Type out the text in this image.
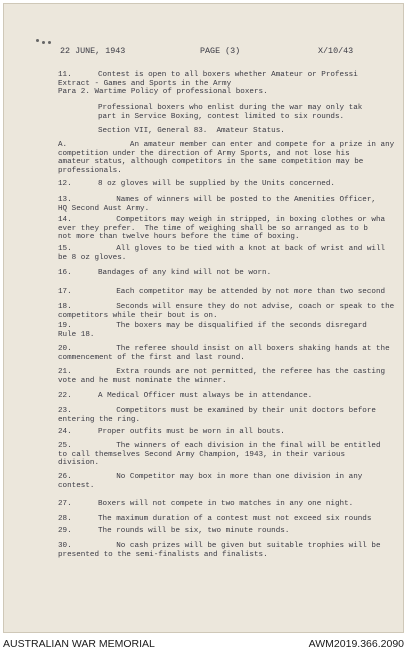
22 JUNE, 1943	PAGE (3)	X/10/43
11.	Contest is open to all boxers whether Amateur or Professi
Extract - Games and Sports in the Army
Para 2. Wartime Policy of professional boxers.
Professional boxers who enlist during the war may only tak
part in Service Boxing, contest limited to six rounds.
Section VII, General 83.  Amateur Status.
A.	An amateur member can enter and compete for a prize in any
competition under the direction of Army Sports, and not lose his
amateur status, although competitors in the same competition may be
professionals.
12.	8 oz gloves will be supplied by the Units concerned.
13.	Names of winners will be posted to the Amenities Officer,
HQ Second Aust Army.
14.	Competitors may weigh in stripped, in boxing clothes or wha
ever they prefer.  The time of weighing shall be so arranged as to b
not more than twelve hours before the time of boxing.
15.	All gloves to be tied with a knot at back of wrist and will
be 8 oz gloves.
16.	Bandages of any kind will not be worn.
17.	Each competitor may be attended by not more than two second
18.	Seconds will ensure they do not advise, coach or speak to the
competitors while their bout is on.
19.	The boxers may be disqualified if the seconds disregard
Rule 18.
20.	The referee should insist on all boxers shaking hands at the
commencement of the first and last round.
21.	Extra rounds are not permitted, the referee has the casting
vote and he must nominate the winner.
22.	A Medical Officer must always be in attendance.
23.	Competitors must be examined by their unit doctors before
entering the ring.
24.	Proper outfits must be worn in all bouts.
25.	The winners of each division in the final will be entitled
to call themselves Second Army Champion, 1943, in their various
division.
26.	No Competitor may box in more than one division in any
contest.
27.	Boxers will not compete in two matches in any one night.
28.	The maximum duration of a contest must not exceed six rounds
29.	The rounds will be six, two minute rounds.
30.	No cash prizes will be given but suitable trophies will be
presented to the semi-finalists and finalists.
AUSTRALIAN WAR MEMORIAL	AWM2019.366.2090
